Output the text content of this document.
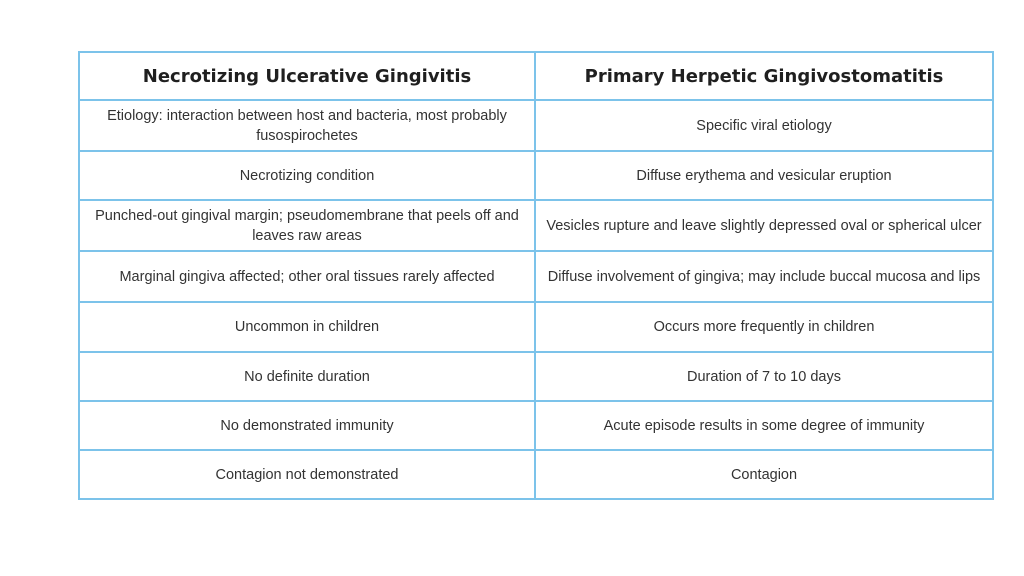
Necrotizing Ulcerative Gingivitis	Primary Herpetic Gingivostomatitis
Etiology: interaction between host and bacteria, most probably fusospirochetes	Specific viral etiology
Necrotizing condition	Diffuse erythema and vesicular eruption
Punched-out gingival margin; pseudomembrane that peels off and leaves raw areas	Vesicles rupture and leave slightly depressed oval or spherical ulcer
Marginal gingiva affected; other oral tissues rarely affected	Diffuse involvement of gingiva; may include buccal mucosa and lips
Uncommon in children	Occurs more frequently in children
No definite duration	Duration of 7 to 10 days
No demonstrated immunity	Acute episode results in some degree of immunity
Contagion not demonstrated	Contagion
